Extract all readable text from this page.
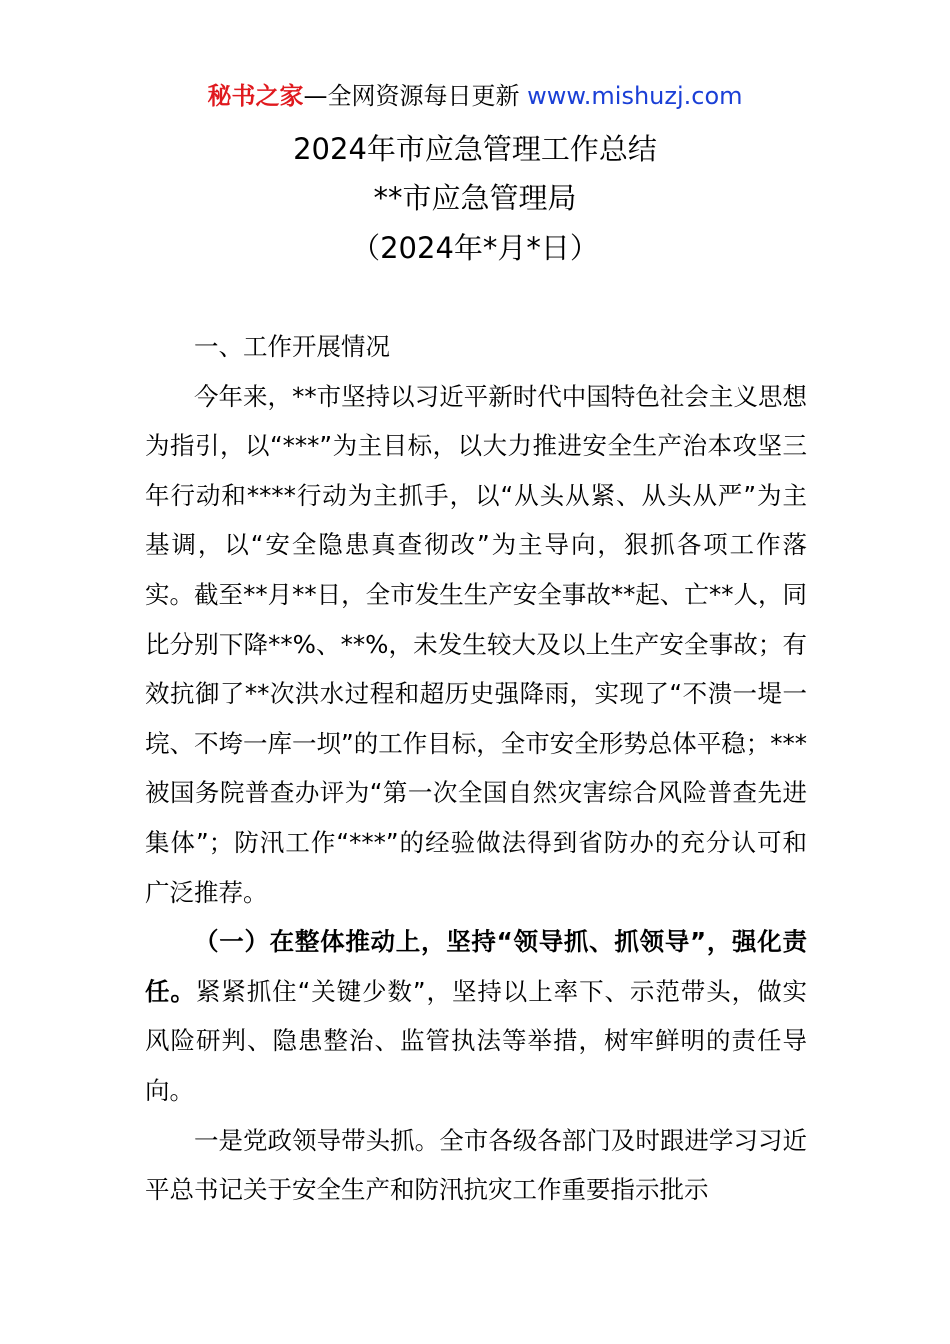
秘书之家—全网资源每日更新 www.mishuzj.com
2024年市应急管理工作总结
**市应急管理局
（2024年*月*日）

一、工作开展情况

今年来，**市坚持以习近平新时代中国特色社会主义思想为指引，以“***”为主目标，以大力推进安全生产治本攻坚三年行动和****行动为主抓手，以“从头从紧、从头从严”为主基调，以“安全隐患真查彻改”为主导向，狠抓各项工作落实。截至**月**日，全市发生生产安全事故**起、亡**人，同比分别下降**%、**%，未发生较大及以上生产安全事故；有效抗御了**次洪水过程和超历史强降雨，实现了“不溃一堤一垸、不垮一库一坝”的工作目标，全市安全形势总体平稳；***被国务院普查办评为“第一次全国自然灾害综合风险普查先进集体”；防汛工作“***”的经验做法得到省防办的充分认可和广泛推荐。

（一）在整体推动上，坚持“领导抓、抓领导”，强化责任。紧紧抓住“关键少数”，坚持以上率下、示范带头，做实风险研判、隐患整治、监管执法等举措，树牢鲜明的责任导向。

一是党政领导带头抓。全市各级各部门及时跟进学习习近平总书记关于安全生产和防汛抗灾工作重要指示批示
